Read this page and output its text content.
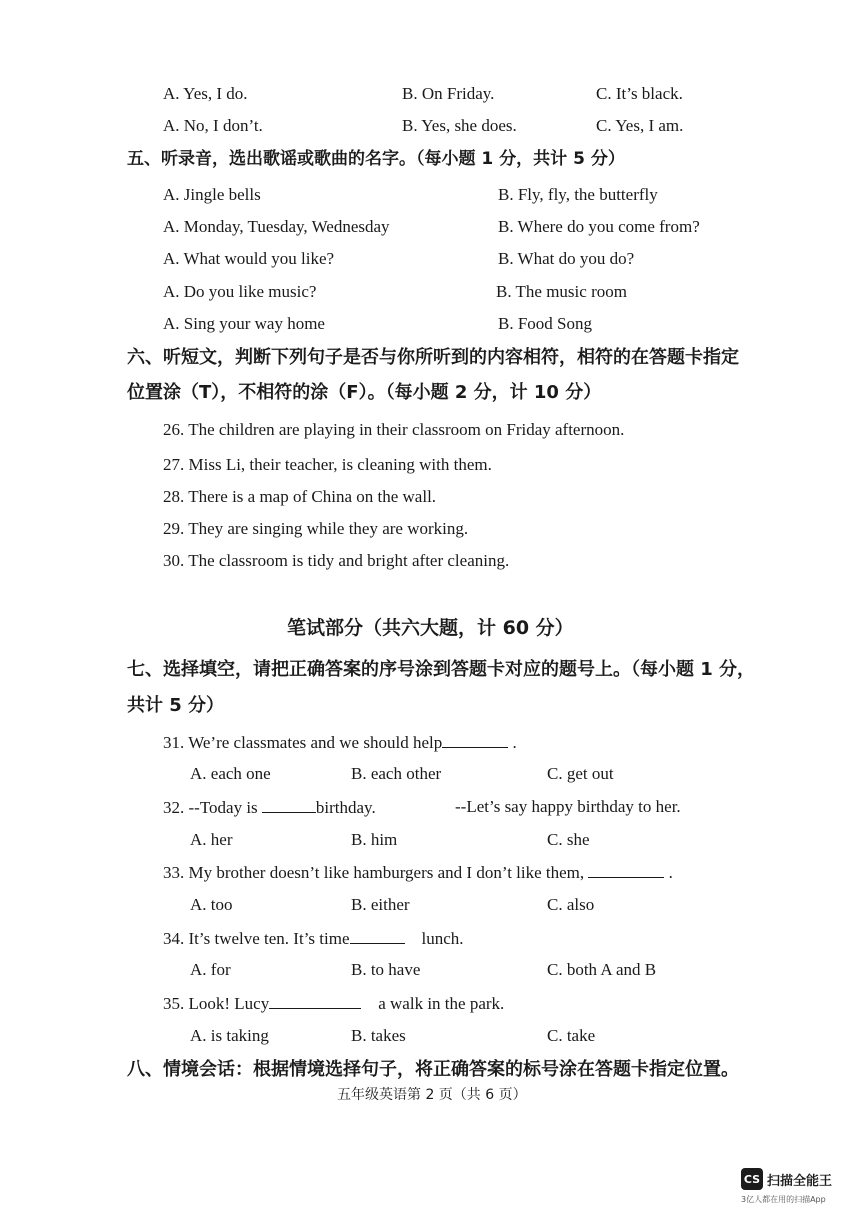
A. Yes, I do.	B. On Friday.	C. It’s black.
A. No, I don’t.	B. Yes, she does.	C. Yes, I am.
五、听录音，选出歌谣或歌曲的名字。（每小题 1 分，共计 5 分）
A. Jingle bells	B. Fly, fly, the butterfly
A. Monday, Tuesday, Wednesday	B. Where do you come from?
A. What would you like?	B. What do you do?
A. Do you like music?	B. The music room
A. Sing your way home	B. Food Song
六、听短文，判断下列句子是否与你所听到的内容相符，相符的在答题卡指定
位置涂（T），不相符的涂（F）。（每小题 2 分，计 10 分）
26. The children are playing in their classroom on Friday afternoon.
27. Miss Li, their teacher, is cleaning with them.
28. There is a map of China on the wall.
29. They are singing while they are working.
30. The classroom is tidy and bright after cleaning.
笔试部分（共六大题，计 60 分）
七、选择填空，请把正确答案的序号涂到答题卡对应的题号上。（每小题 1 分，
共计 5 分）
31. We’re classmates and we should help	.
A. each one	B. each other	C. get out
32. --Today is	birthday.	--Let’s say happy birthday to her.
A. her	B. him	C. she
33. My brother doesn’t like hamburgers and I don’t like them,	.
A. too	B. either	C. also
34. It’s twelve ten. It’s time	lunch.
A. for	B. to have	C. both A and B
35. Look! Lucy	a walk in the park.
A. is taking	B. takes	C. take
八、情境会话：根据情境选择句子，将正确答案的标号涂在答题卡指定位置。
五年级英语第 2 页（共 6 页）
CS 扫描全能王
3亿人都在用的扫描App
